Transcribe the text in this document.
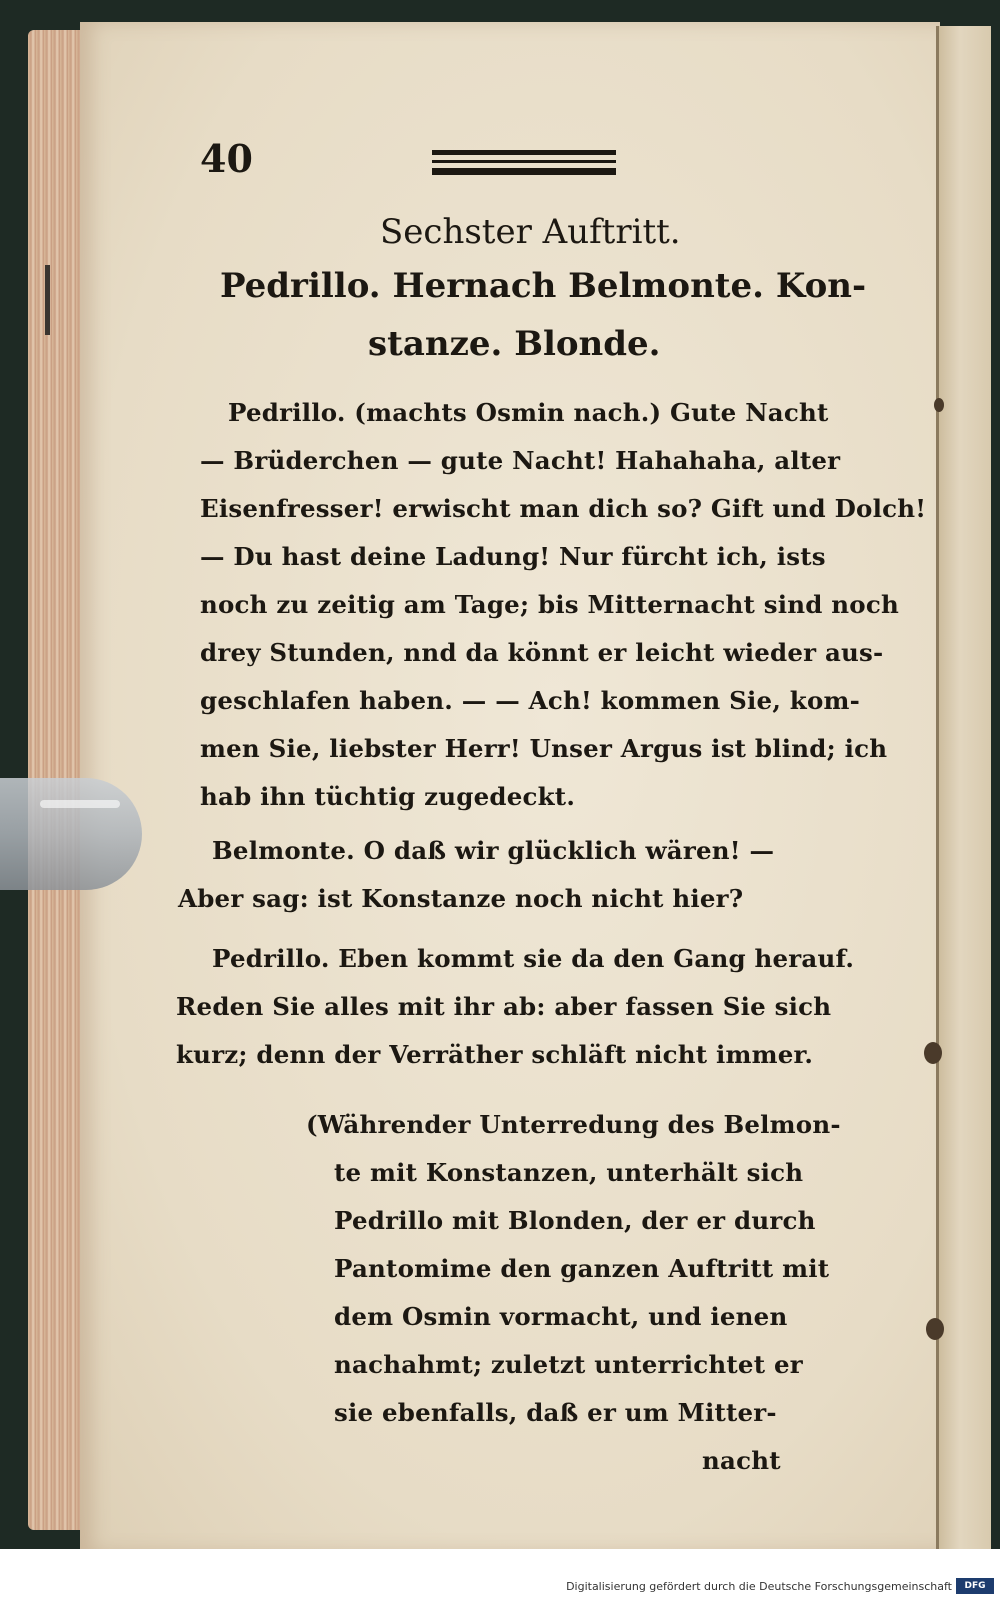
40
Sechster Auftritt.
Pedrillo. Hernach Belmonte. Kon-
stanze. Blonde.
Pedrillo. (machts Osmin nach.) Gute Nacht
— Brüderchen — gute Nacht! Hahahaha, alter
Eisenfresser! erwischt man dich so? Gift und Dolch!
— Du hast deine Ladung! Nur fürcht ich, ists
noch zu zeitig am Tage; bis Mitternacht sind noch
drey Stunden, nnd da könnt er leicht wieder aus-
geschlafen haben. — — Ach! kommen Sie, kom-
men Sie, liebster Herr! Unser Argus ist blind; ich
hab ihn tüchtig zugedeckt.
Belmonte. O daß wir glücklich wären! —
Aber sag: ist Konstanze noch nicht hier?
Pedrillo. Eben kommt sie da den Gang herauf.
Reden Sie alles mit ihr ab: aber fassen Sie sich
kurz; denn der Verräther schläft nicht immer.
(Währender Unterredung des Belmon-
te mit Konstanzen, unterhält sich
Pedrillo mit Blonden, der er durch
Pantomime den ganzen Auftritt mit
dem Osmin vormacht, und ienen
nachahmt; zuletzt unterrichtet er
sie ebenfalls, daß er um Mitter-
nacht
Digitalisierung gefördert durch die Deutsche Forschungsgemeinschaft	DFG
